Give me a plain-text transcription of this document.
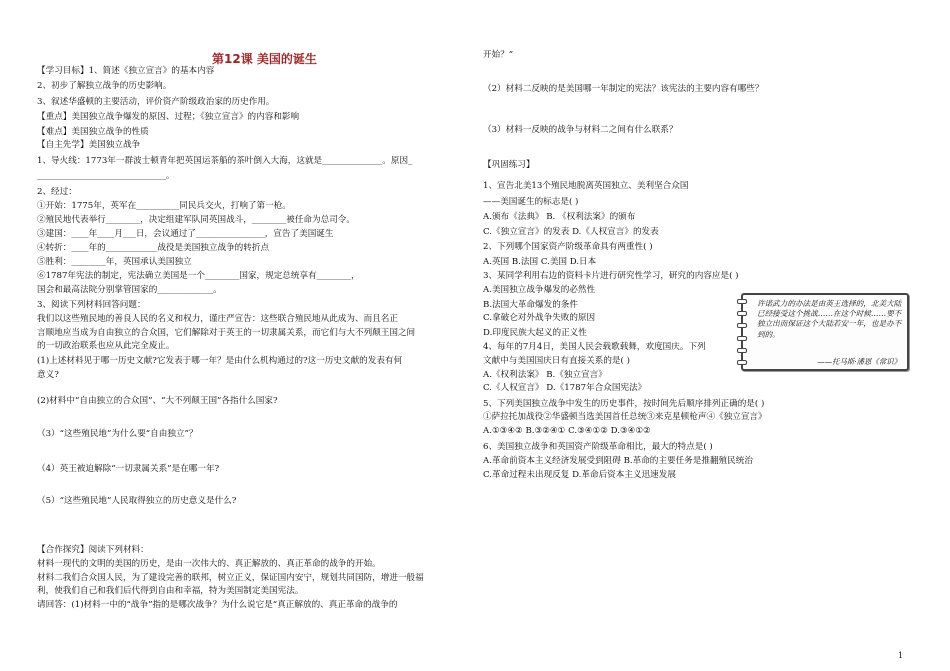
第12课 美国的诞生
【学习目标】1、简述《独立宣言》的基本内容
2、初步了解独立战争的历史影响。
3、叙述华盛顿的主要活动，评价资产阶级政治家的历史作用。
【重点】美国独立战争爆发的原因、过程；《独立宣言》的内容和影响
【难点】美国独立战争的性质
【自主先学】美国独立战争
1、导火线：1773年一群波士顿青年把英国运茶船的茶叶倒入大海，这就是______________。原因_
______________________________。
2、经过：
①开始：1775年，英军在__________同民兵交火，打响了第一枪。
②殖民地代表举行________，决定组建军队同英国战斗，________被任命为总司令。
③建国：____年____月___日，会议通过了________________，宣告了美国诞生
④转折：____年的____________战役是美国独立战争的转折点
⑤胜利：________年，英国承认美国独立
⑥1787年宪法的制定，宪法确立美国是一个________国家，规定总统享有________，
国会和最高法院分别掌管国家的_____________。
3、阅读下列材料回答问题：
我们以这些殖民地的善良人民的名义和权力，谨庄严宣告：这些联合殖民地从此成为、而且名正
言顺地应当成为自由独立的合众国，它们解除对于英王的一切隶属关系，而它们与大不列颠王国之间
的一切政治联系也应从此完全废止。
(1)上述材料见于哪一历史文献?它发表于哪一年？是由什么机构通过的?这一历史文献的发表有何
意义?
(2)材料中“自由独立的合众国”、“大不列颠王国”各指什么国家?
（3）“这些殖民地”为什么要“自由独立”？
（4）英王被迫解除“一切隶属关系”是在哪一年?
（5）“这些殖民地”人民取得独立的历史意义是什么?
【合作探究】阅读下列材料：
材料一现代的文明的美国的历史，是由一次伟大的、真正解放的、真正革命的战争的开始。
材料二我们合众国人民，为了建设完善的联邦，树立正义，保证国内安宁，规划共同国防，增进一般福
利，使我们自己和我们后代得到自由和幸福，特为美国制定美国宪法。
请回答：(1)材料一中的“战争”指的是哪次战争？为什么说它是“真正解放的、真正革命的战争的
开始？”
（2）材料二反映的是美国哪一年制定的宪法？该宪法的主要内容有哪些？
（3）材料一反映的战争与材料二之间有什么联系？
【巩固练习】
1、宣告北美13个殖民地脱离英国独立、美利坚合众国
——美国诞生的标志是( )
A.颁布《法典》 B. 《权利法案》的颁布
C.《独立宣言》的发表 D.《人权宣言》的发表
2、下列哪个国家资产阶级革命具有两重性( )
A.英国 B.法国 C.美国 D.日本
3、某同学利用右边的资料卡片进行研究性学习，研究的内容应是( )
A.美国独立战争爆发的必然性
B.法国大革命爆发的条件
C.拿破仑对外战争失败的原因
D.印度民族大起义的正义性
4、每年的7月4日，美国人民会载歌载舞，欢度国庆。下列
文献中与美国国庆日有直接关系的是( )
A.《权利法案》 B.《独立宣言》
C.《人权宣言》 D.《1787年合众国宪法》
5、下列美国独立战争中发生的历史事件，按时间先后顺序排列正确的是( )
①萨拉托加战役②华盛顿当选美国首任总统③来克星顿枪声④《独立宣言》
A.①③④② B.③②④① C.③④①② D.③④①②
6、美国独立战争和英国资产阶级革命相比，最大的特点是( )
A.革命前资本主义经济发展受到阻碍 B.革命的主要任务是推翻殖民统治
C.革命过程未出现反复 D.革命后资本主义迅速发展
许诺武力的办法是由英王选择的，北美大陆已经接受这个挑战……在这个时候……要不独立出而保证这个大陆若安一年，也是办不到的。
——托马斯·潘恩《常识》
1
